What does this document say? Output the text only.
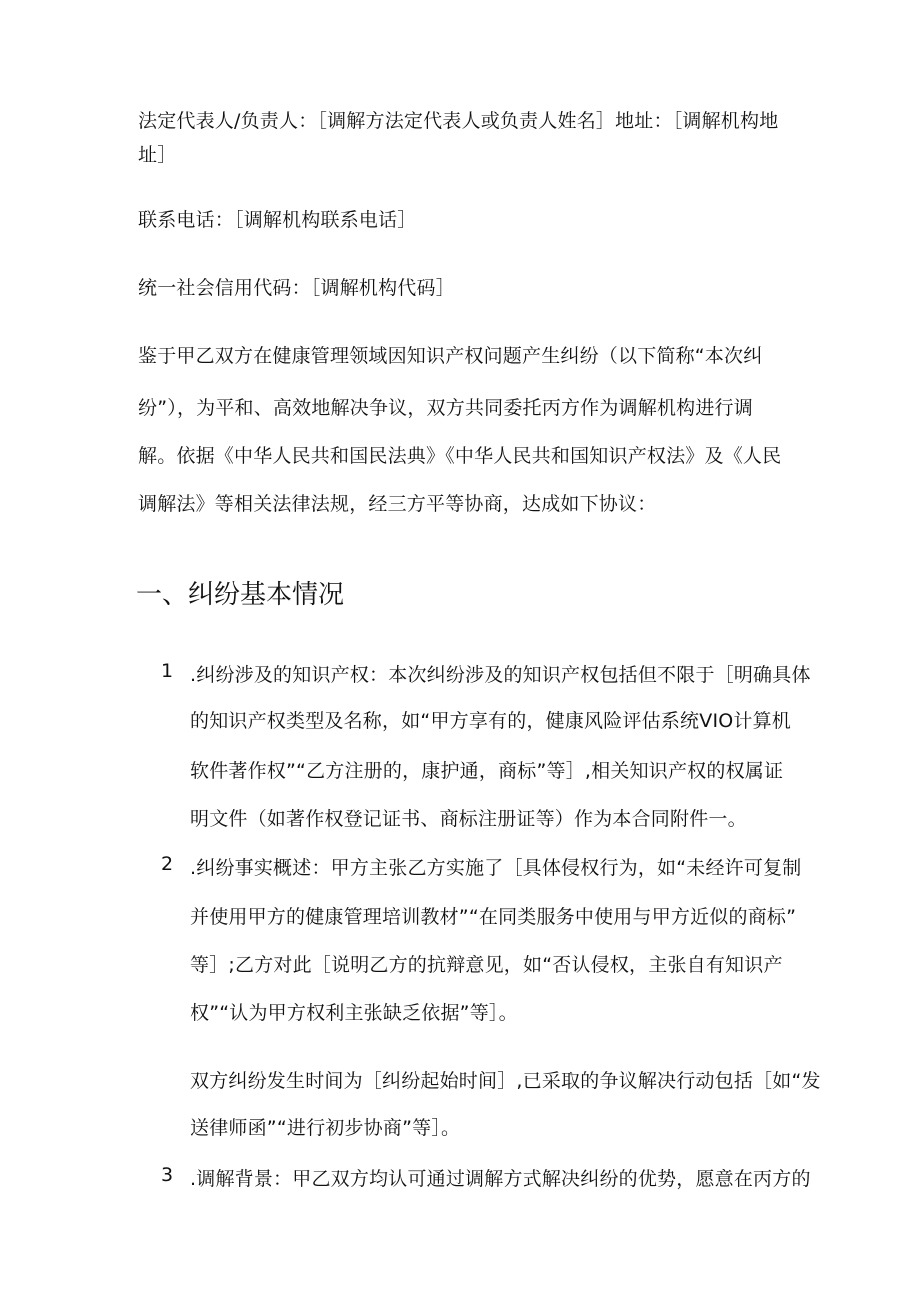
法定代表人/负责人：［调解方法定代表人或负责人姓名］地址：［调解机构地
址］
联系电话：［调解机构联系电话］
统一社会信用代码：［调解机构代码］
鉴于甲乙双方在健康管理领域因知识产权问题产生纠纷（以下简称“本次纠
纷”），为平和、高效地解决争议，双方共同委托丙方作为调解机构进行调
解。依据《中华人民共和国民法典》《中华人民共和国知识产权法》及《人民
调解法》等相关法律法规，经三方平等协商，达成如下协议：
一、纠纷基本情况
1 .纠纷涉及的知识产权：本次纠纷涉及的知识产权包括但不限于［明确具体
的知识产权类型及名称，如“甲方享有的，健康风险评估系统VIO计算机
软件著作权”“乙方注册的，康护通，商标”等］,相关知识产权的权属证
明文件（如著作权登记证书、商标注册证等）作为本合同附件一。
2 .纠纷事实概述：甲方主张乙方实施了［具体侵权行为，如“未经许可复制
并使用甲方的健康管理培训教材”“在同类服务中使用与甲方近似的商标”
等］;乙方对此［说明乙方的抗辩意见，如“否认侵权，主张自有知识产
权”“认为甲方权利主张缺乏依据”等］。
双方纠纷发生时间为［纠纷起始时间］,已采取的争议解决行动包括［如“发
送律师函”“进行初步协商”等］。
3 .调解背景：甲乙双方均认可通过调解方式解决纠纷的优势，愿意在丙方的
